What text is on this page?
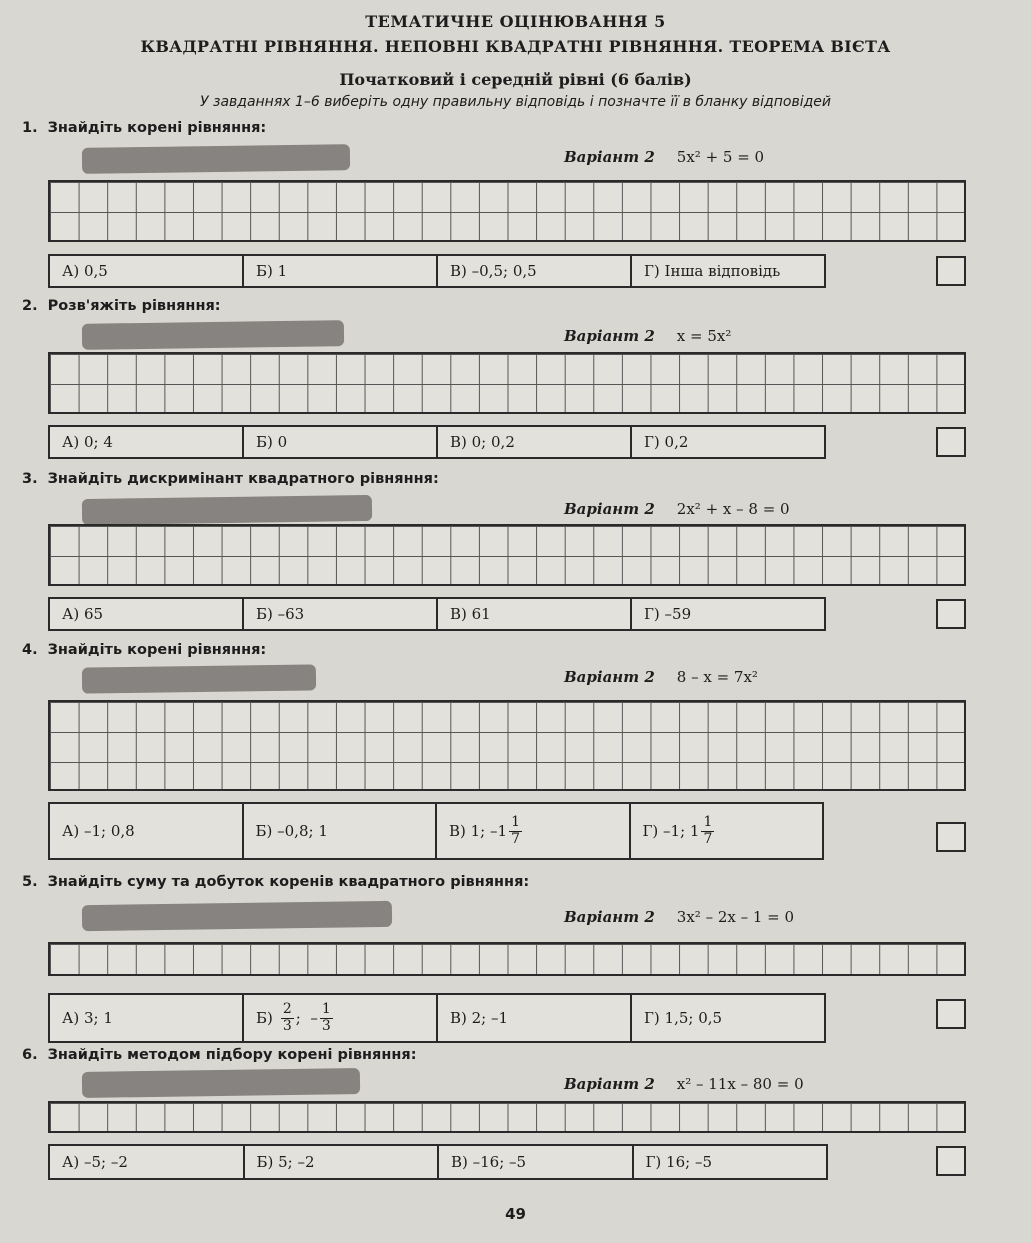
ТЕМАТИЧНЕ ОЦІНЮВАННЯ 5
КВАДРАТНІ РІВНЯННЯ. НЕПОВНІ КВАДРАТНІ РІВНЯННЯ. ТЕОРЕМА ВІЄТА
Початковий і середній рівні (6 балів)
У завданнях 1–6 виберіть одну правильну відповідь і позначте її в бланку відповідей
1. Знайдіть корені рівняння:
Варіант 2 5x² + 5 = 0
А) 0,5	Б) 1	В) –0,5; 0,5	Г) Інша відповідь
2. Розв'яжіть рівняння:
Варіант 2 x = 5x²
А) 0; 4	Б) 0	В) 0; 0,2	Г) 0,2
3. Знайдіть дискримінант квадратного рівняння:
Варіант 2 2x² + x – 8 = 0
А) 65	Б) –63	В) 61	Г) –59
4. Знайдіть корені рівняння:
Варіант 2 8 – x = 7x²
А) –1; 0,8	Б) –0,8; 1	В) 1; $-1 \frac{1}{7}$	Г) –1; $1 \frac{1}{7}$
5. Знайдіть суму та добуток коренів квадратного рівняння:
Варіант 2 3x² – 2x – 1 = 0
А) 3; 1	$Б) \frac{2}{3}$ ;  – $\frac{1}{3}$	В) 2; –1	Г) 1,5; 0,5
6. Знайдіть методом підбору корені рівняння:
Варіант 2 x² – 11x – 80 = 0
А) –5; –2	Б) 5; –2	В) –16; –5	Г) 16; –5
49
